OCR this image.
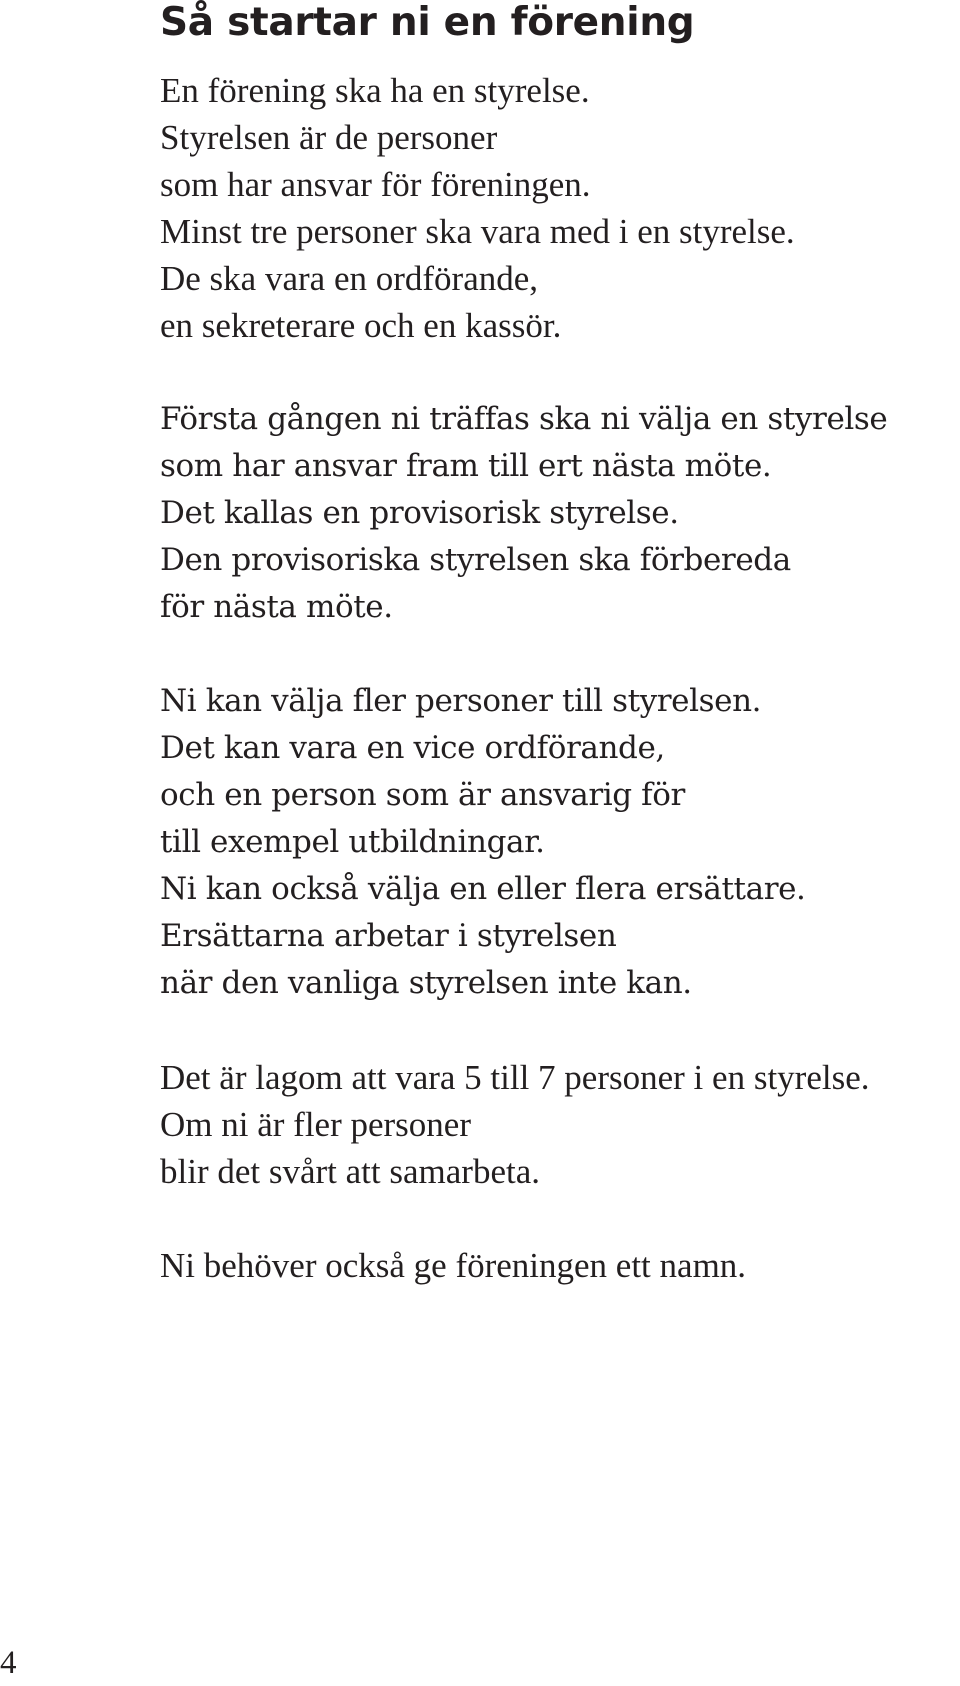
Så startar ni en förening

En förening ska ha en styrelse.
Styrelsen är de personer
som har ansvar för föreningen.
Minst tre personer ska vara med i en styrelse.
De ska vara en ordförande,
en sekreterare och en kassör.

Första gången ni träffas ska ni välja en styrelse
som har ansvar fram till ert nästa möte.
Det kallas en provisorisk styrelse.
Den provisoriska styrelsen ska förbereda
för nästa möte.

Ni kan välja fler personer till styrelsen.
Det kan vara en vice ordförande,
och en person som är ansvarig för
till exempel utbildningar.
Ni kan också välja en eller flera ersättare.
Ersättarna arbetar i styrelsen
när den vanliga styrelsen inte kan.

Det är lagom att vara 5 till 7 personer i en styrelse.
Om ni är fler personer
blir det svårt att samarbeta.

Ni behöver också ge föreningen ett namn.

4
